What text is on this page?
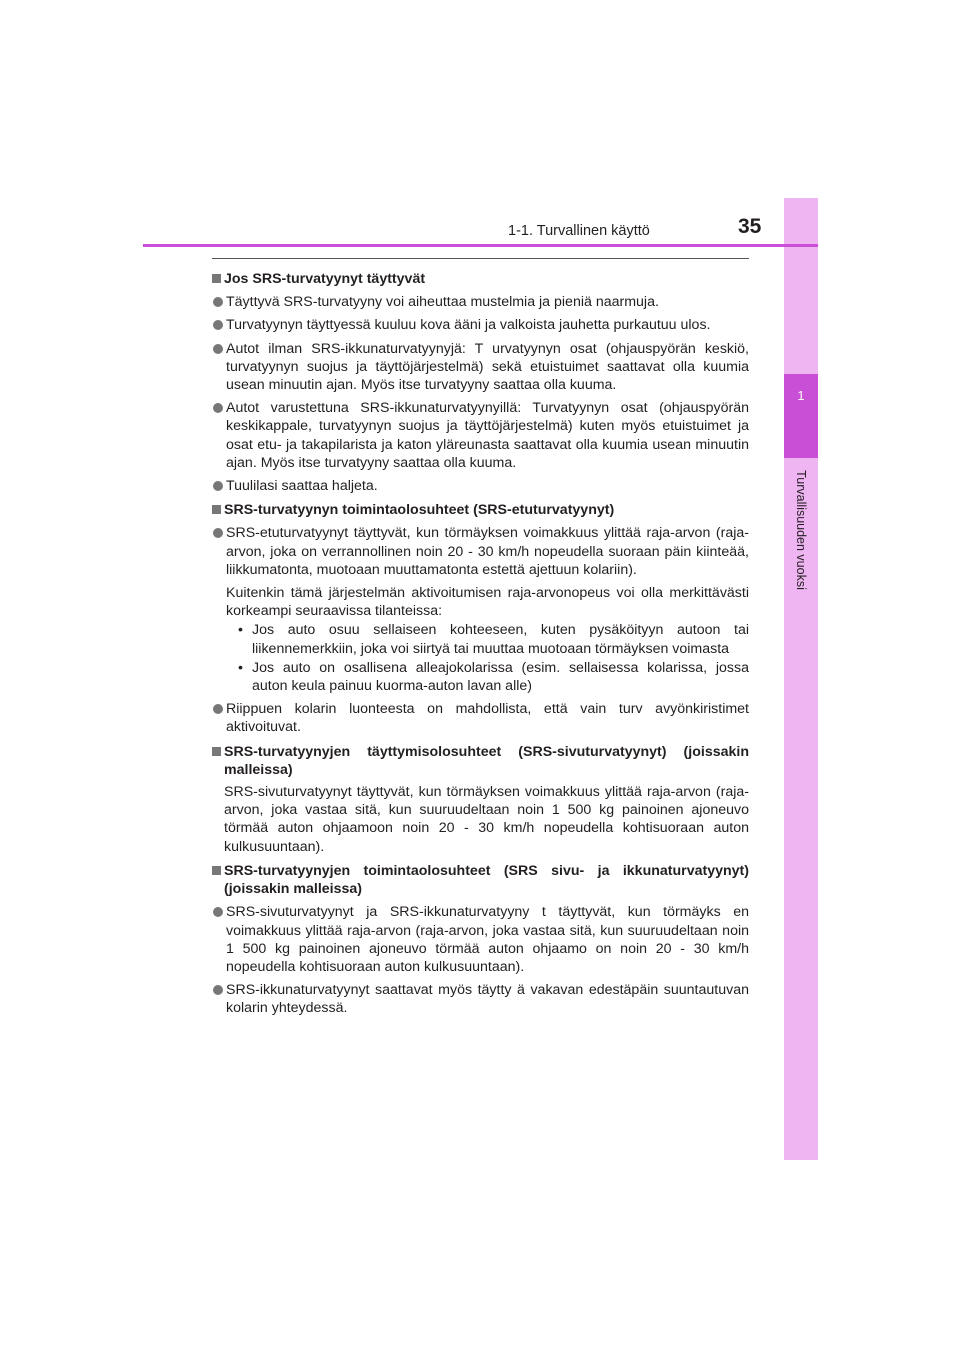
1
Turvallisuuden vuoksi
1-1. Turvallinen käyttö	35
Jos SRS-turvatyynyt täyttyvät
Täyttyvä SRS-turvatyyny voi aiheuttaa mustelmia ja pieniä naarmuja.
Turvatyynyn täyttyessä kuuluu kova ääni ja valkoista jauhetta purkautuu ulos.
Autot ilman SRS-ikkunaturvatyynyjä: T urvatyynyn osat (ohjauspyörän keskiö, turvatyynyn suojus ja täyttöjärjestelmä) sekä etuistuimet saattavat olla kuumia usean minuutin ajan. Myös itse turvatyyny saattaa olla kuuma.
Autot varustettuna SRS-ikkunaturvatyynyillä: Turvatyynyn osat (ohjauspyörän keskikappale, turvatyynyn suojus ja täyttöjärjestelmä) kuten myös etuistuimet ja osat etu- ja takapilarista ja katon yläreunasta saattavat olla kuumia usean minuutin ajan. Myös itse turvatyyny saattaa olla kuuma.
Tuulilasi saattaa haljeta.
SRS-turvatyynyn toimintaolosuhteet (SRS-etuturvatyynyt)
SRS-etuturvatyynyt täyttyvät, kun törmäyksen voimakkuus ylittää raja-arvon (raja-arvon, joka on verrannollinen noin 20 - 30 km/h nopeudella suoraan päin kiinteää, liikkumatonta, muotoaan muuttamatonta estettä ajettuun kolariin).
Kuitenkin tämä järjestelmän aktivoitumisen raja-arvonopeus voi olla merkittävästi korkeampi seuraavissa tilanteissa:
• Jos auto osuu sellaiseen kohteeseen, kuten pysäköityyn autoon tai liikennemerkkiin, joka voi siirtyä tai muuttaa muotoaan törmäyksen voimasta
• Jos auto on osallisena alleajokolarissa (esim. sellaisessa kolarissa, jossa auton keula painuu kuorma-auton lavan alle)
Riippuen kolarin luonteesta on mahdollista, että vain turv avyönkiristimet aktivoituvat.
SRS-turvatyynyjen täyttymisolosuhteet (SRS-sivuturvatyynyt) (joissakin malleissa)
SRS-sivuturvatyynyt täyttyvät, kun törmäyksen voimakkuus ylittää raja-arvon (raja-arvon, joka vastaa sitä, kun suuruudeltaan noin 1 500 kg painoinen ajoneuvo törmää auton ohjaamoon noin 20 - 30 km/h nopeudella kohtisuoraan auton kulkusuuntaan).
SRS-turvatyynyjen toimintaolosuhteet (SRS sivu- ja ikkunaturvatyynyt) (joissakin malleissa)
SRS-sivuturvatyynyt ja SRS-ikkunaturvatyyny t täyttyvät, kun törmäyks en voimakkuus ylittää raja-arvon (raja-arvon, joka vastaa sitä, kun suuruudeltaan noin 1 500 kg painoinen ajoneuvo törmää auton ohjaamo on noin 20 - 30 km/h nopeudella kohtisuoraan auton kulkusuuntaan).
SRS-ikkunaturvatyynyt saattavat myös täytty ä vakavan edestäpäin suuntautuvan kolarin yhteydessä.
